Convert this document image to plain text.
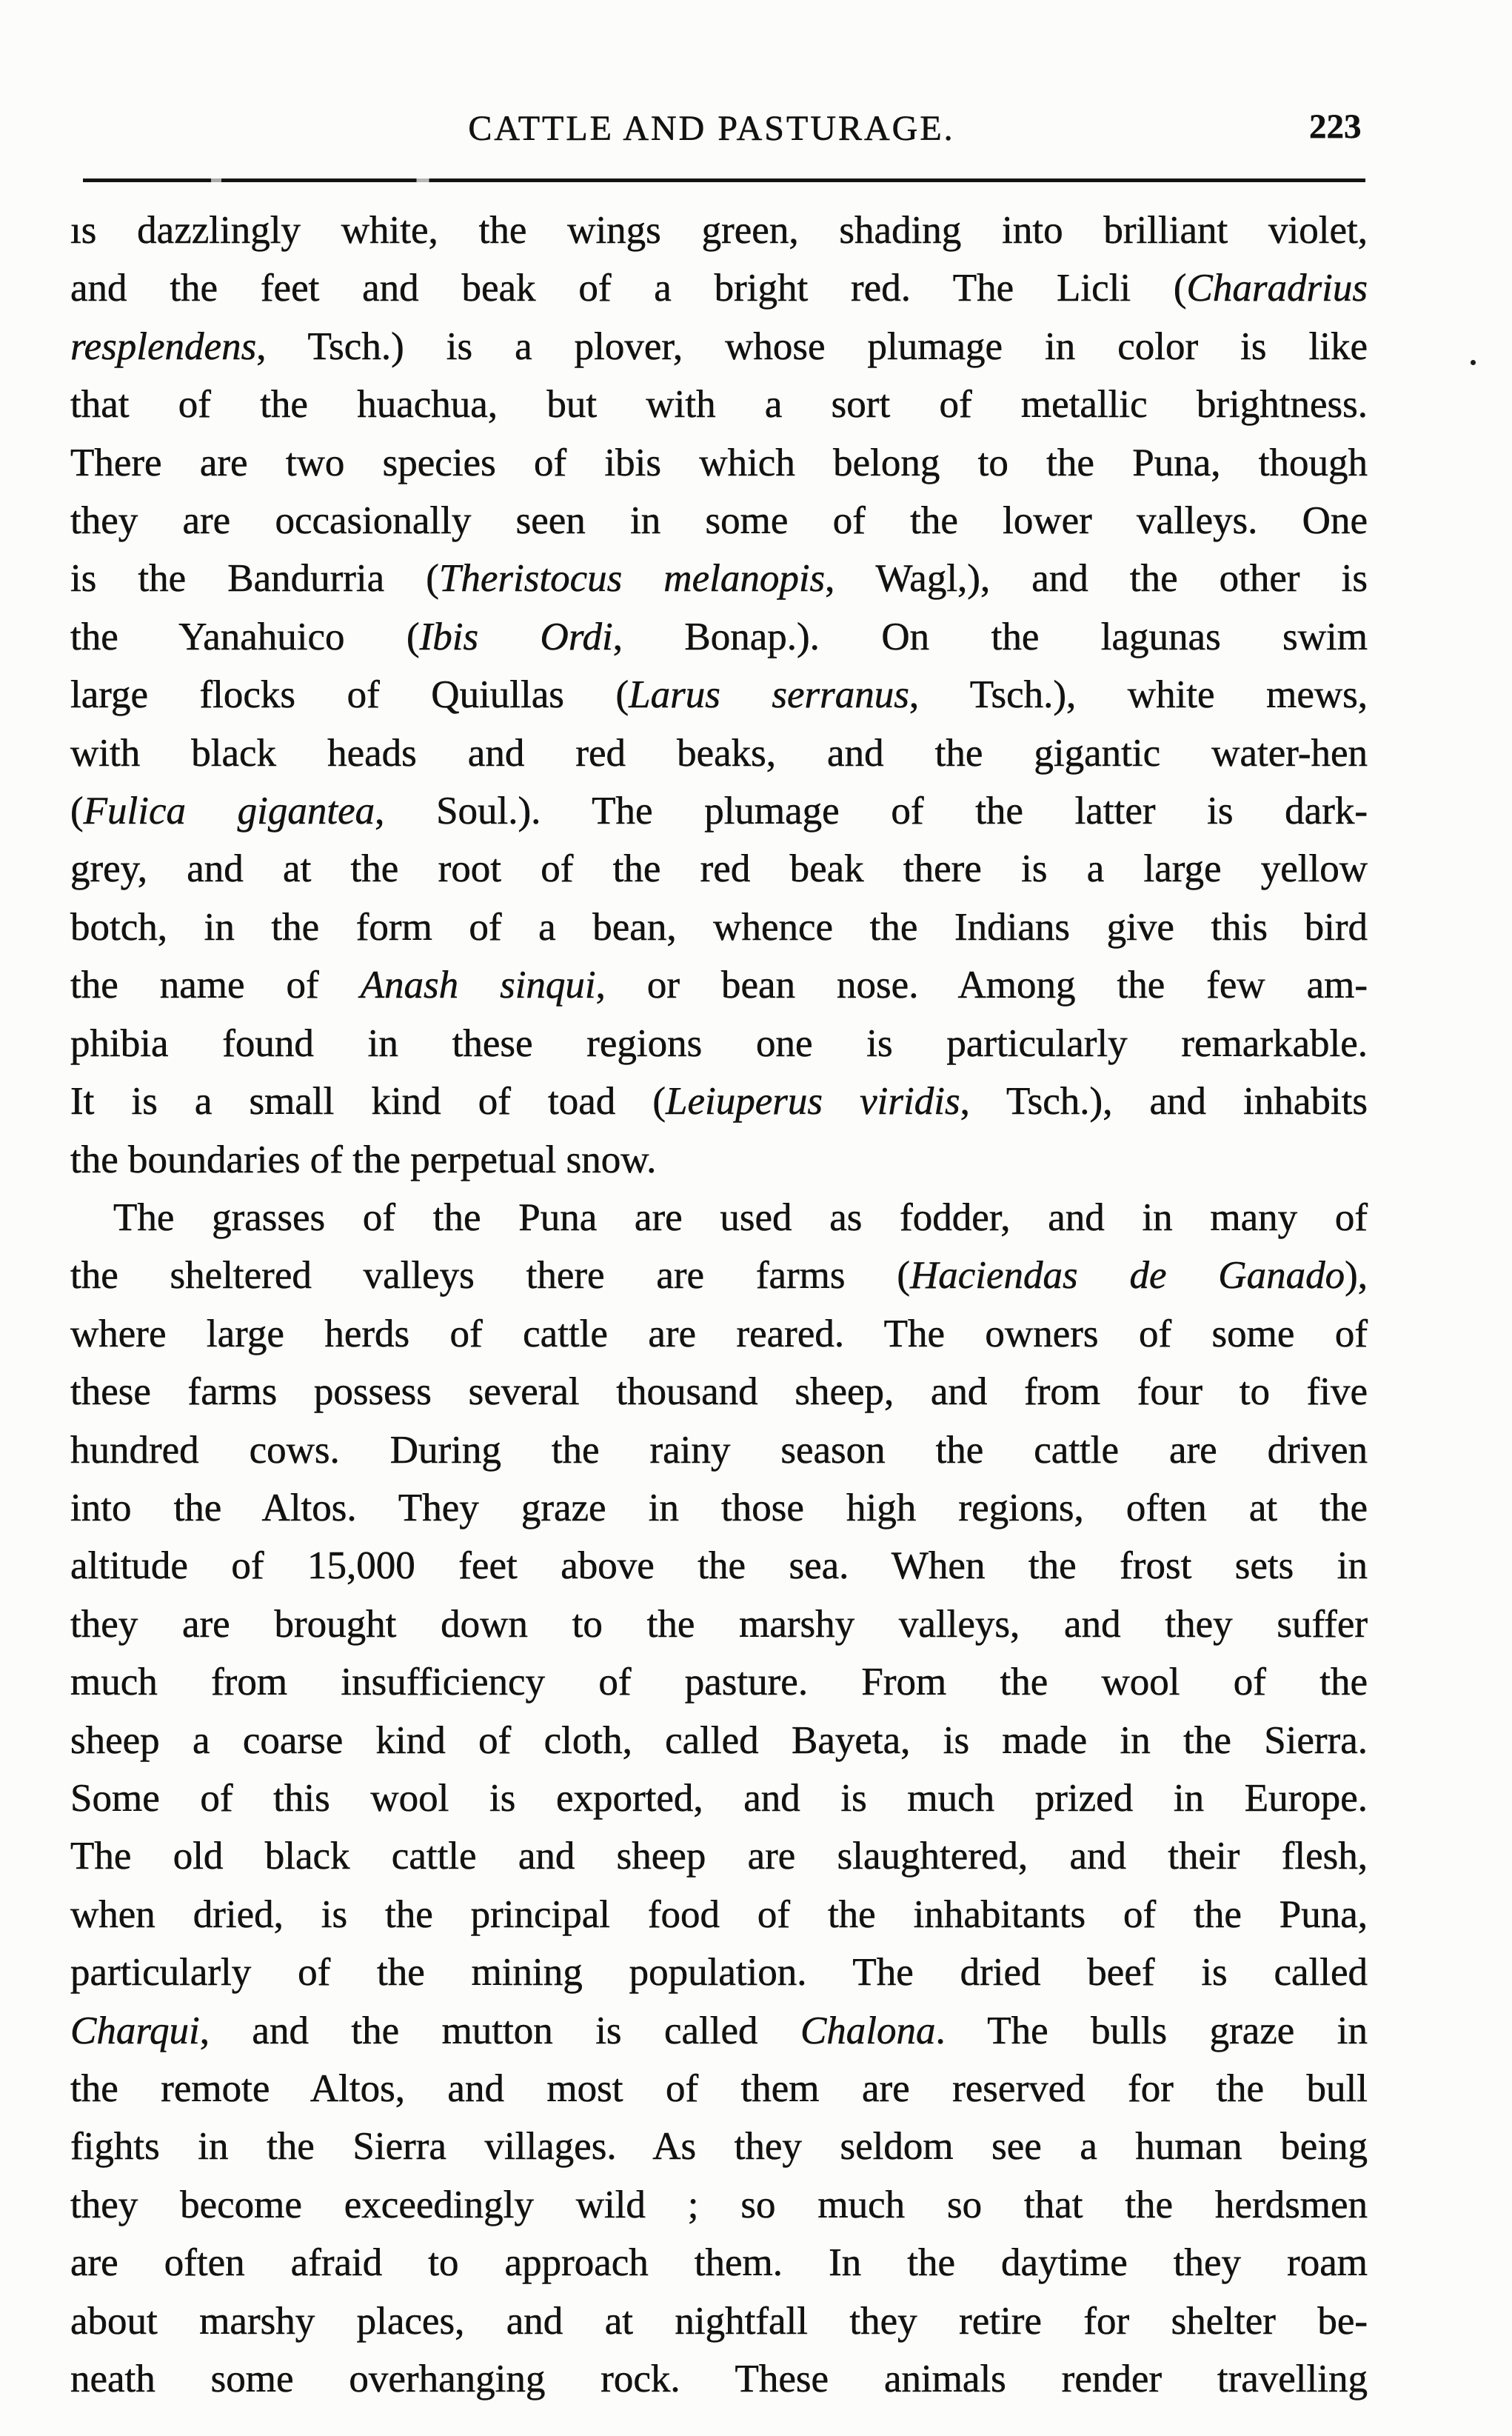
CATTLE AND PASTURAGE.	223
ıs dazzlingly white, the wings green, shading into brilliant violet,
and the feet and beak of a bright red. The Licli (Charadrius
resplendens, Tsch.) is a plover, whose plumage in color is like
that of the huachua, but with a sort of metallic brightness.
There are two species of ibis which belong to the Puna, though
they are occasionally seen in some of the lower valleys. One
is the Bandurria (Theristocus melanopis, Wagl,), and the other is
the Yanahuico (Ibis Ordi, Bonap.). On the lagunas swim
large flocks of Quiullas (Larus serranus, Tsch.), white mews,
with black heads and red beaks, and the gigantic water-hen
(Fulica gigantea, Soul.). The plumage of the latter is dark-
grey, and at the root of the red beak there is a large yellow
botch, in the form of a bean, whence the Indians give this bird
the name of Anash sinqui, or bean nose. Among the few am-
phibia found in these regions one is particularly remarkable.
It is a small kind of toad (Leiuperus viridis, Tsch.), and inhabits
the boundaries of the perpetual snow.
The grasses of the Puna are used as fodder, and in many of
the sheltered valleys there are farms (Haciendas de Ganado),
where large herds of cattle are reared. The owners of some of
these farms possess several thousand sheep, and from four to five
hundred cows. During the rainy season the cattle are driven
into the Altos. They graze in those high regions, often at the
altitude of 15,000 feet above the sea. When the frost sets in
they are brought down to the marshy valleys, and they suffer
much from insufficiency of pasture. From the wool of the
sheep a coarse kind of cloth, called Bayeta, is made in the Sierra.
Some of this wool is exported, and is much prized in Europe.
The old black cattle and sheep are slaughtered, and their flesh,
when dried, is the principal food of the inhabitants of the Puna,
particularly of the mining population. The dried beef is called
Charqui, and the mutton is called Chalona. The bulls graze in
the remote Altos, and most of them are reserved for the bull
fights in the Sierra villages. As they seldom see a human being
they become exceedingly wild ; so much so that the herdsmen
are often afraid to approach them. In the daytime they roam
about marshy places, and at nightfall they retire for shelter be-
neath some overhanging rock. These animals render travelling
